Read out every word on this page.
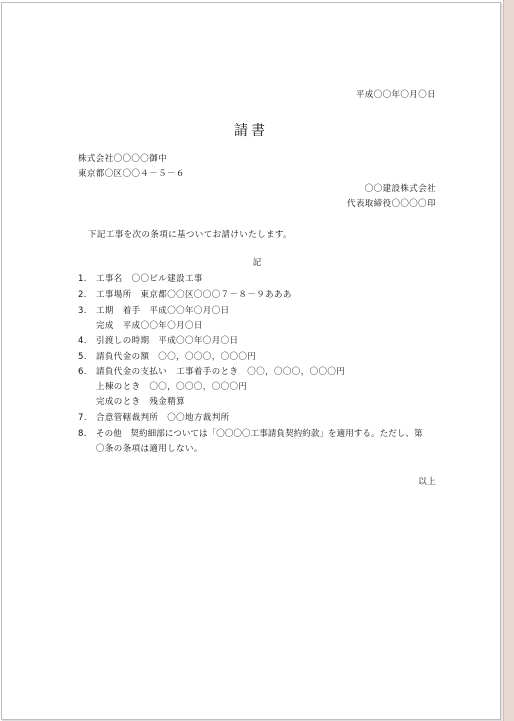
平成〇〇年〇月〇日
請書
株式会社〇〇〇〇御中
東京都〇区〇〇４－５－６
〇〇建設株式会社
代表取締役〇〇〇〇印
下記工事を次の条項に基ついてお請けいたします。
記
1. 工事名　〇〇ビル建設工事
2. 工事場所　東京都〇〇区〇〇〇７－８－９あああ
3. 工期　着手　平成〇〇年〇月〇日
完成　平成〇〇年〇月〇日
4. 引渡しの時期　平成〇〇年〇月〇日
5. 請負代金の額　〇〇，〇〇〇，〇〇〇円
6. 請負代金の支払い　工事着手のとき　〇〇，〇〇〇，〇〇〇円
上棟のとき　〇〇，〇〇〇，〇〇〇円
完成のとき　残金精算
7. 合意管轄裁判所　〇〇地方裁判所
8. その他　契約細部については「〇〇〇〇工事請負契約約款」を適用する。ただし、第
〇条の条項は適用しない。
以上
